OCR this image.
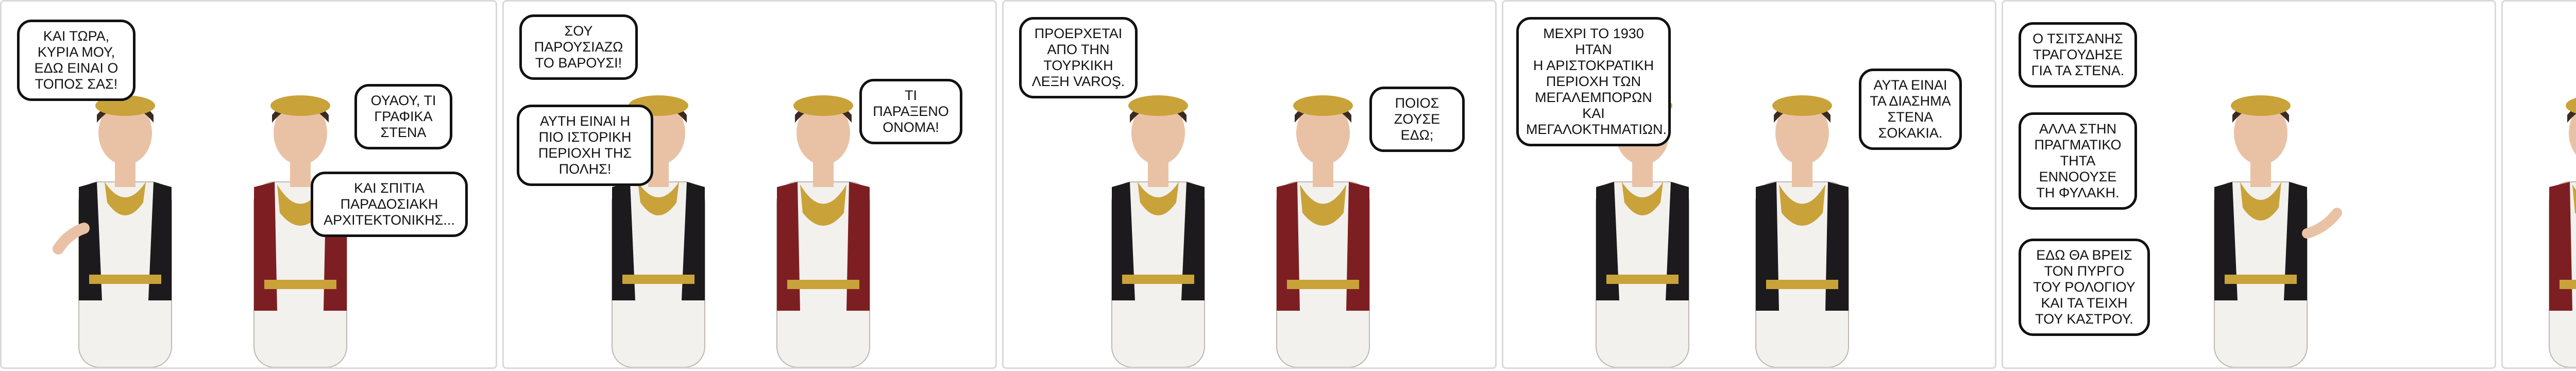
ΚΑΙ ΤΩΡΑ,
ΚΥΡΙΑ ΜΟΥ,
ΕΔΩ ΕΙΝΑΙ Ο
ΤΟΠΟΣ ΣΑΣ!
ΟΥΑΟΥ, ΤΙ
ΓΡΑΦΙΚΑ
ΣΤΕΝΑ
ΚΑΙ ΣΠΙΤΙΑ
ΠΑΡΑΔΟΣΙΑΚΗ
ΑΡΧΙΤΕΚΤΟΝΙΚΗΣ...
ΣΟΥ
ΠΑΡΟΥΣΙΑΖΩ
ΤΟ ΒΑΡΟΥΣΙ!
ΑΥΤΗ ΕΙΝΑΙ Η
ΠΙΟ ΙΣΤΟΡΙΚΗ
ΠΕΡΙΟΧΗ ΤΗΣ
ΠΟΛΗΣ!
ΤΙ
ΠΑΡΑΞΕΝΟ
ΟΝΟΜΑ!
ΠΡΟΕΡΧΕΤΑΙ
ΑΠΟ ΤΗΝ
ΤΟΥΡΚΙΚΗ
ΛΕΞΗ VAROŞ.
ΠΟΙΟΣ
ΖΟΥΣΕ
ΕΔΩ;
ΜΕΧΡΙ ΤΟ 1930 ΗΤΑΝ
Η ΑΡΙΣΤΟΚΡΑΤΙΚΗ
ΠΕΡΙΟΧΗ ΤΩΝ
ΜΕΓΑΛΕΜΠΟΡΩΝ
ΚΑΙ
ΜΕΓΑΛΟΚΤΗΜΑΤΙΩΝ.
ΑΥΤΑ ΕΙΝΑΙ
ΤΑ ΔΙΑΣΗΜΑ
ΣΤΕΝΑ
ΣΟΚΑΚΙΑ.
Ο ΤΣΙΤΣΑΝΗΣ
ΤΡΑΓΟΥΔΗΣΕ
ΓΙΑ ΤΑ ΣΤΕΝΑ.
ΑΛΛΑ ΣΤΗΝ
ΠΡΑΓΜΑΤΙΚΟ
ΤΗΤΑ
ΕΝΝΟΟΥΣΕ
ΤΗ ΦΥΛΑΚΗ.
ΕΔΩ ΘΑ ΒΡΕΙΣ
ΤΟΝ ΠΥΡΓΟ
ΤΟΥ ΡΟΛΟΓΙΟΥ
ΚΑΙ ΤΑ ΤΕΙΧΗ
ΤΟΥ ΚΑΣΤΡΟΥ.
